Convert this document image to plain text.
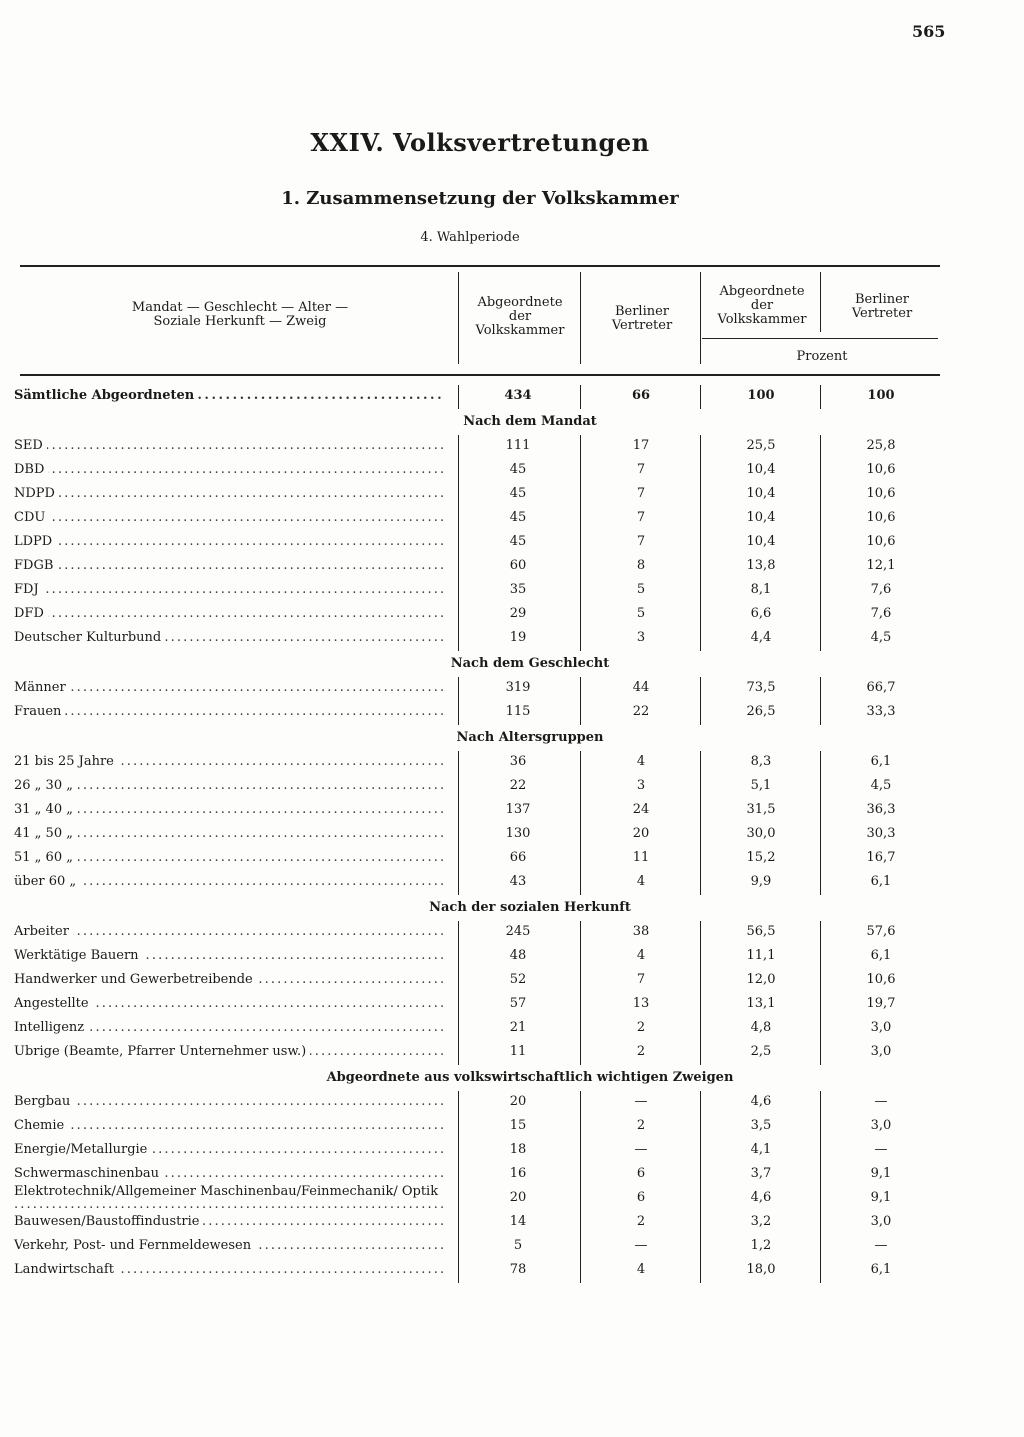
565
XXIV. Volksvertretungen
1. Zusammensetzung der Volkskammer
4. Wahlperiode
Mandat — Geschlecht — Alter —
Soziale Herkunft — Zweig
Abgeordnete
der
Volkskammer
Berliner
Vertreter
Abgeordnete
der
Volkskammer
Berliner
Vertreter
Prozent
Sämtliche Abgeordneten . . .	434	66	100	100
Nach dem Mandat
SED . . .	111	17	25,5	25,8
DBD . . .	45	7	10,4	10,6
NDPD . . .	45	7	10,4	10,6
CDU . . .	45	7	10,4	10,6
LDPD . . .	45	7	10,4	10,6
FDGB . . .	60	8	13,8	12,1
FDJ . . .	35	5	8,1	7,6
DFD . . .	29	5	6,6	7,6
Deutscher Kulturbund . . .	19	3	4,4	4,5
Nach dem Geschlecht
Männer . . .	319	44	73,5	66,7
Frauen . . .	115	22	26,5	33,3
Nach Altersgruppen
21 bis 25 Jahre . . .	36	4	8,3	6,1
26 „ 30 „ . . .	22	3	5,1	4,5
31 „ 40 „ . . .	137	24	31,5	36,3
41 „ 50 „ . . .	130	20	30,0	30,3
51 „ 60 „ . . .	66	11	15,2	16,7
über 60 „ . . .	43	4	9,9	6,1
Nach der sozialen Herkunft
Arbeiter . . .	245	38	56,5	57,6
Werktätige Bauern . . .	48	4	11,1	6,1
Handwerker und Gewerbetreibende . . .	52	7	12,0	10,6
Angestellte . . .	57	13	13,1	19,7
Intelligenz . . .	21	2	4,8	3,0
Übrige (Beamte, Pfarrer Unternehmer usw.) . . .	11	2	2,5	3,0
Abgeordnete aus volkswirtschaftlich wichtigen Zweigen
Bergbau . . .	20	—	4,6	—
Chemie . . .	15	2	3,5	3,0
Energie/Metallurgie . . .	18	—	4,1	—
Schwermaschinenbau . . .	16	6	3,7	9,1
Elektrotechnik/Allgemeiner Maschinenbau/Feinmechanik/ Optik . . .	20	6	4,6	9,1
Bauwesen/Baustoffindustrie . . .	14	2	3,2	3,0
Verkehr, Post- und Fernmeldewesen . . .	5	—	1,2	—
Landwirtschaft . . .	78	4	18,0	6,1
